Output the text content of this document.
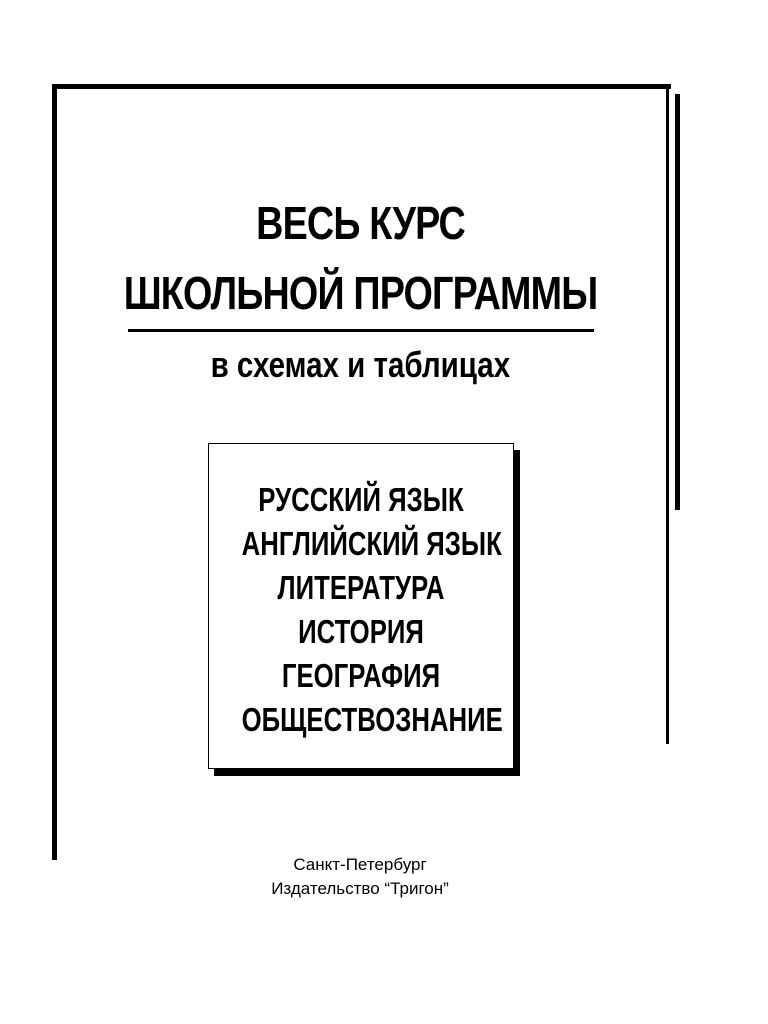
ВЕСЬ КУРС
ШКОЛЬНОЙ ПРОГРАММЫ
в схемах и таблицах
РУССКИЙ ЯЗЫК
АНГЛИЙСКИЙ ЯЗЫК
ЛИТЕРАТУРА
ИСТОРИЯ
ГЕОГРАФИЯ
ОБЩЕСТВОЗНАНИЕ
Санкт-Петербург
Издательство “Тригон”
